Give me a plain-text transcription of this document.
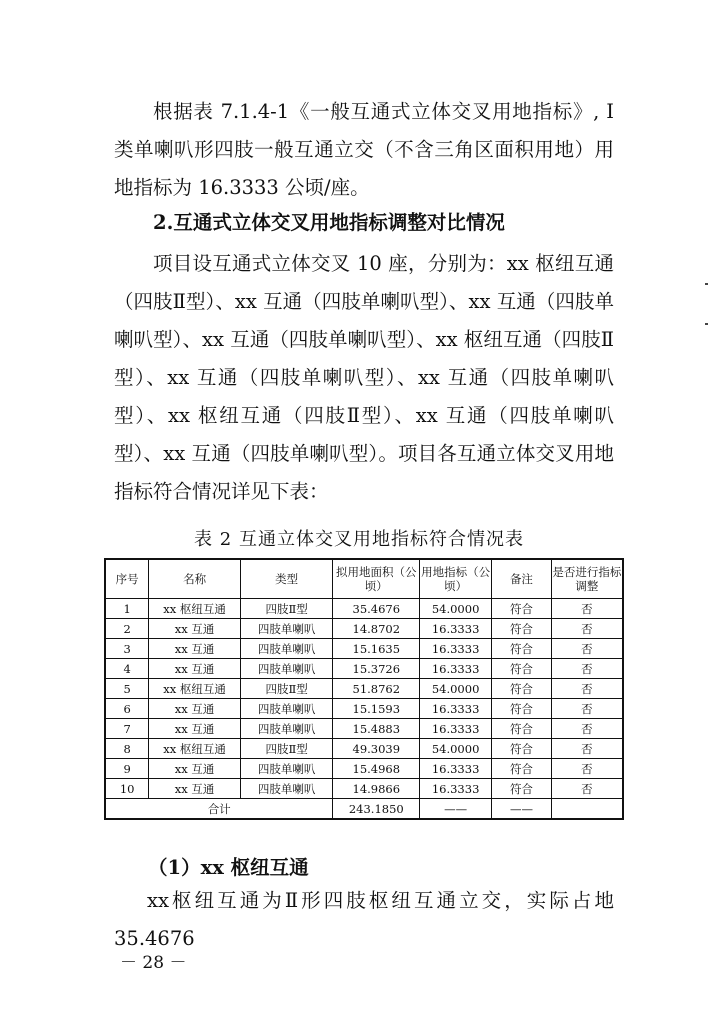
根据表 7.1.4-1《一般互通式立体交叉用地指标》, I 类单喇叭形四肢一般互通立交（不含三角区面积用地）用地指标为 16.3333 公顷/座。

2.互通式立体交叉用地指标调整对比情况

项目设互通式立体交叉 10 座，分别为：xx 枢纽互通（四肢Ⅱ型）、xx 互通（四肢单喇叭型）、xx 互通（四肢单喇叭型）、xx 互通（四肢单喇叭型）、xx 枢纽互通（四肢Ⅱ型）、xx 互通（四肢单喇叭型）、xx 互通（四肢单喇叭型）、xx 枢纽互通（四肢Ⅱ型）、xx 互通（四肢单喇叭型）、xx 互通（四肢单喇叭型）。项目各互通立体交叉用地指标符合情况详见下表：

表 2 互通立体交叉用地指标符合情况表

序号	名称	类型	拟用地面积（公顷）	用地指标（公顷）	备注	是否进行指标调整
1	xx 枢纽互通	四肢Ⅱ型	35.4676	54.0000	符合	否
2	xx 互通	四肢单喇叭	14.8702	16.3333	符合	否
3	xx 互通	四肢单喇叭	15.1635	16.3333	符合	否
4	xx 互通	四肢单喇叭	15.3726	16.3333	符合	否
5	xx 枢纽互通	四肢Ⅱ型	51.8762	54.0000	符合	否
6	xx 互通	四肢单喇叭	15.1593	16.3333	符合	否
7	xx 互通	四肢单喇叭	15.4883	16.3333	符合	否
8	xx 枢纽互通	四肢Ⅱ型	49.3039	54.0000	符合	否
9	xx 互通	四肢单喇叭	15.4968	16.3333	符合	否
10	xx 互通	四肢单喇叭	14.9866	16.3333	符合	否
合计			243.1850	——	——	

（1）xx 枢纽互通

xx枢纽互通为Ⅱ形四肢枢纽互通立交，实际占地35.4676

－ 28 －
